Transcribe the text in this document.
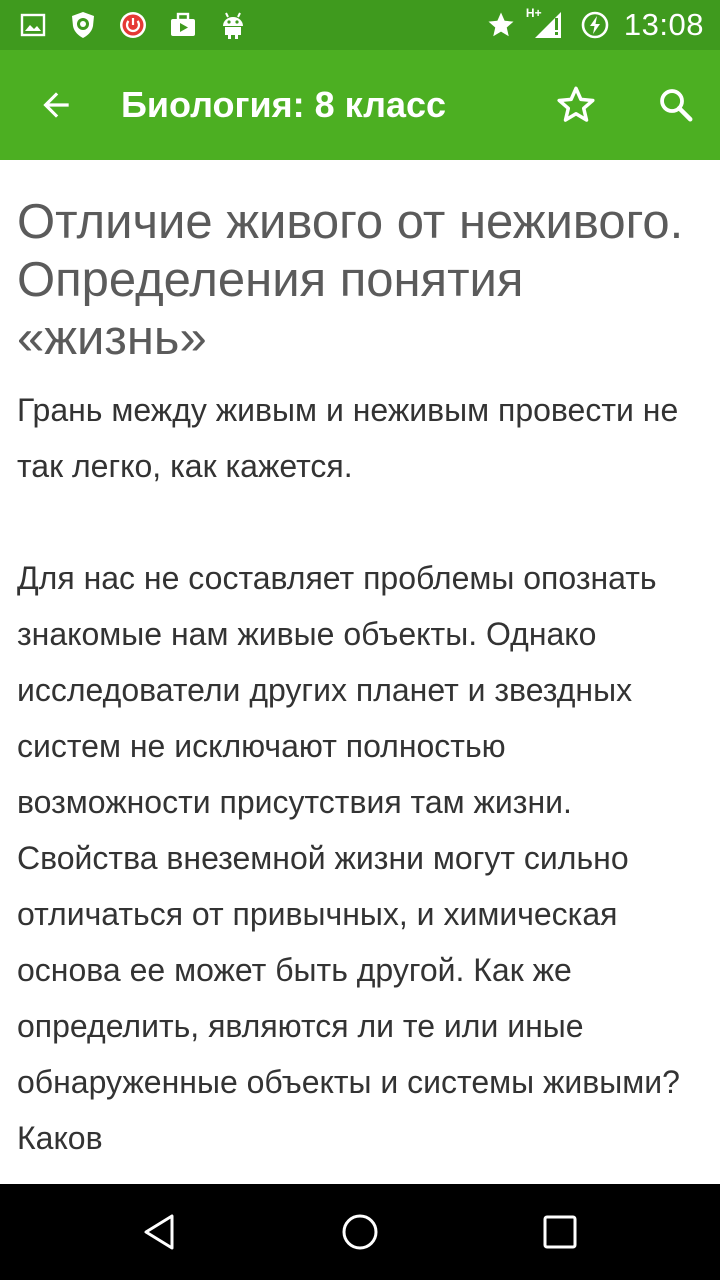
H+	13:08
Биология: 8 класс
Отличие живого от неживого. Определения понятия «жизнь»

Грань между живым и неживым провести не так легко, как кажется.

Для нас не составляет проблемы опознать знакомые нам живые объекты. Однако исследователи других планет и звездных систем не исключают полностью возможности присутствия там жизни. Свойства внеземной жизни могут сильно отличаться от привычных, и химическая основа ее может быть другой. Как же определить, являются ли те или иные обнаруженные объекты и системы живыми? Каков
